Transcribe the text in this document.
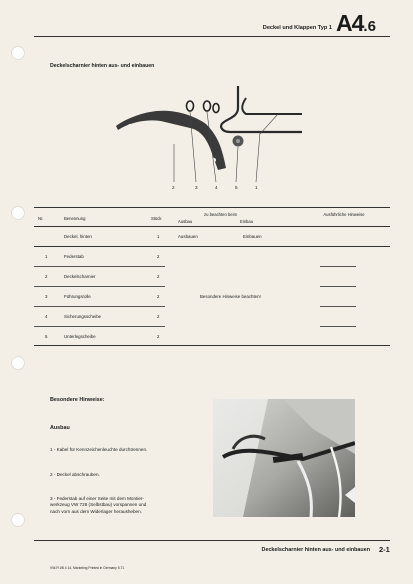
Deckel und Klappen Typ 1 A4.6
Deckelscharnier hinten aus- und einbauen
2	3	4	5	1
Nr.	Benennung	Stück
zu beachten beim
Ausbau	Einbau
Ausführliche Hinweise
Deckel, hinten	1	Ausbauen	Einbauen
1	Federstab	2
2	Deckelscharnier	2
3	Führungsrolle	2	Besondere Hinweise beachten!
4	Sicherungsscheibe	2
5	Unterlegscheibe	2
Besondere Hinweise:
Ausbau
1 - Kabel für Kennzeichenleuchte durchtrennen.
2 - Deckel abschrauben.
3 - Federstab auf einer Seite mit dem Montier-
werkzeug VW 728 (Selbstbau) vorspannen und
nach vorn aus dem Widerlager herausheben.
Deckelscharnier hinten aus- und einbauen 2-1
VW-Fl.l/B 4 14, Marketing Printed in Germany 5.71
